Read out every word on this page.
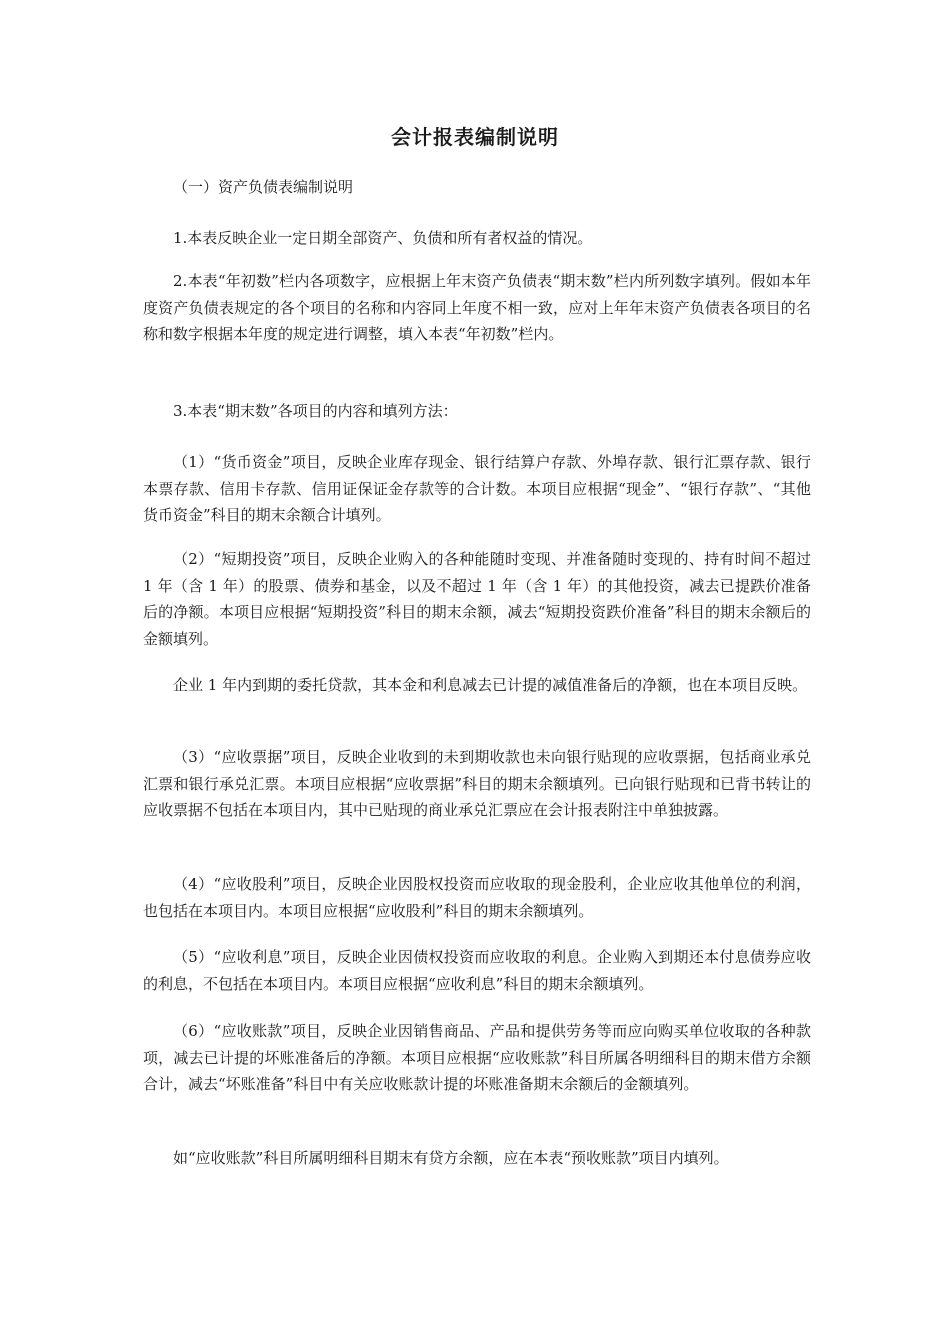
会计报表编制说明

（一）资产负债表编制说明

1.本表反映企业一定日期全部资产、负债和所有者权益的情况。

2.本表“年初数”栏内各项数字，应根据上年末资产负债表“期末数”栏内所列数字填列。假如本年度资产负债表规定的各个项目的名称和内容同上年度不相一致，应对上年年末资产负债表各项目的名称和数字根据本年度的规定进行调整，填入本表“年初数”栏内。

3.本表“期末数”各项目的内容和填列方法：

（1）“货币资金”项目，反映企业库存现金、银行结算户存款、外埠存款、银行汇票存款、银行本票存款、信用卡存款、信用证保证金存款等的合计数。本项目应根据“现金”、“银行存款”、“其他货币资金”科目的期末余额合计填列。

（2）“短期投资”项目，反映企业购入的各种能随时变现、并准备随时变现的、持有时间不超过 1 年（含 1 年）的股票、债券和基金，以及不超过 1 年（含 1 年）的其他投资，减去已提跌价准备后的净额。本项目应根据“短期投资”科目的期末余额，减去“短期投资跌价准备”科目的期末余额后的金额填列。

企业 1 年内到期的委托贷款，其本金和利息减去已计提的减值准备后的净额，也在本项目反映。

（3）“应收票据”项目，反映企业收到的未到期收款也未向银行贴现的应收票据，包括商业承兑汇票和银行承兑汇票。本项目应根据“应收票据”科目的期末余额填列。已向银行贴现和已背书转让的应收票据不包括在本项目内，其中已贴现的商业承兑汇票应在会计报表附注中单独披露。

（4）“应收股利”项目，反映企业因股权投资而应收取的现金股利，企业应收其他单位的利润，也包括在本项目内。本项目应根据“应收股利”科目的期末余额填列。

（5）“应收利息”项目，反映企业因债权投资而应收取的利息。企业购入到期还本付息债券应收的利息，不包括在本项目内。本项目应根据“应收利息”科目的期末余额填列。

（6）“应收账款”项目，反映企业因销售商品、产品和提供劳务等而应向购买单位收取的各种款项，减去已计提的坏账准备后的净额。本项目应根据“应收账款”科目所属各明细科目的期末借方余额合计，减去“坏账准备”科目中有关应收账款计提的坏账准备期末余额后的金额填列。

如“应收账款”科目所属明细科目期末有贷方余额，应在本表“预收账款”项目内填列。
